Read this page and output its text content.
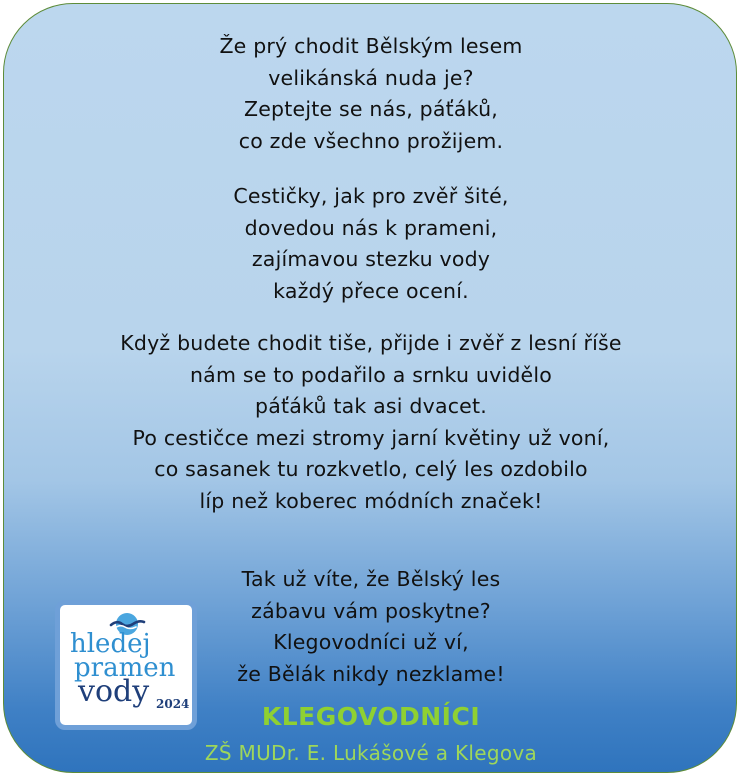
Že prý chodit Bělským lesem
velikánská nuda je?
Zeptejte se nás, páťáků,
co zde všechno prožijem.
Cestičky, jak pro zvěř šité,
dovedou nás k prameni,
zajímavou stezku vody
každý přece ocení.
Když budete chodit tiše, přijde i zvěř z lesní říše
nám se to podařilo a srnku uvidělo
páťáků tak asi dvacet.
Po cestičce mezi stromy jarní květiny už voní,
co sasanek tu rozkvetlo, celý les ozdobilo
líp než koberec módních značek!
Tak už víte, že Bělský les
zábavu vám poskytne?
Klegovodníci už ví,
že Bělák nikdy nezklame!
KLEGOVODNÍCI
ZŠ MUDr. E. Lukášové a Klegova
hledej
pramen
vody 2024
